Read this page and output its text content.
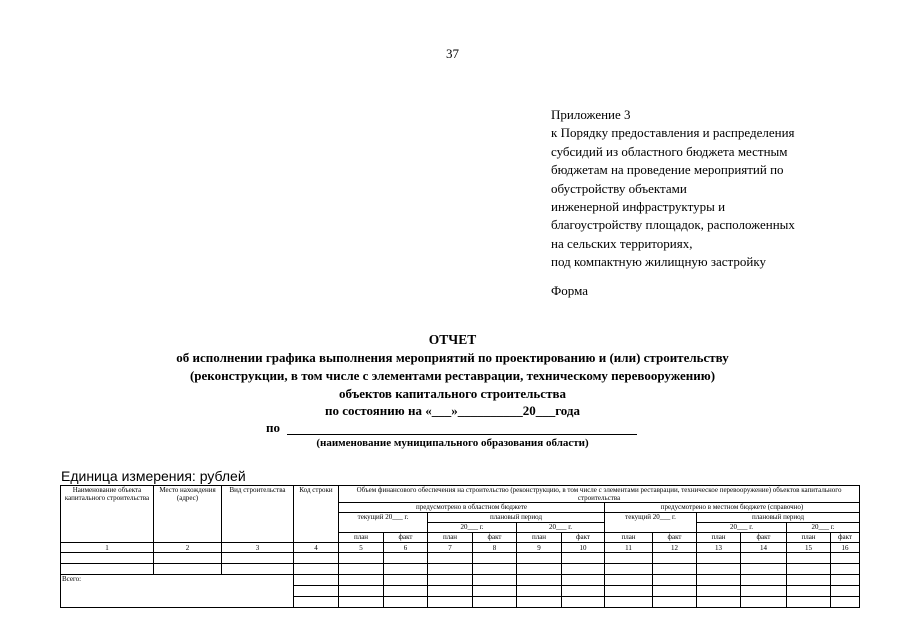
37
Приложение 3
к Порядку предоставления и распределения
субсидий из областного бюджета местным
бюджетам на проведение мероприятий по
обустройству объектами
инженерной инфраструктуры и
благоустройству площадок, расположенных
на сельских территориях,
под компактную жилищную застройку
Форма
ОТЧЕТ
об исполнении графика выполнения мероприятий по проектированию и (или) строительству
(реконструкции, в том числе с элементами реставрации, техническому перевооружению)
объектов капитального строительства
по состоянию на «___»__________20___года
по
(наименование муниципального образования области)
Единица измерения: рублей
Наименование объекта капитального строительства	Место нахождения (адрес)	Вид строительства	Код строки	Объем финансового обеспечения на строительство (реконструкцию, в том числе с элементами реставрации, техническое перевооружение) объектов капитального строительства											
				предусмотрено в областном бюджете						предусмотрено в местном бюджете (справочно)					
				текущий 20___ г.		плановый период				текущий 20___ г.		плановый период			
						20___ г.		20___ г.				20___ г.		20___ г.	
				план	факт	план	факт	план	факт	план	факт	план	факт	план	факт
1	2	3	4	5	6	7	8	9	10	11	12	13	14	15	16

Всего:															
